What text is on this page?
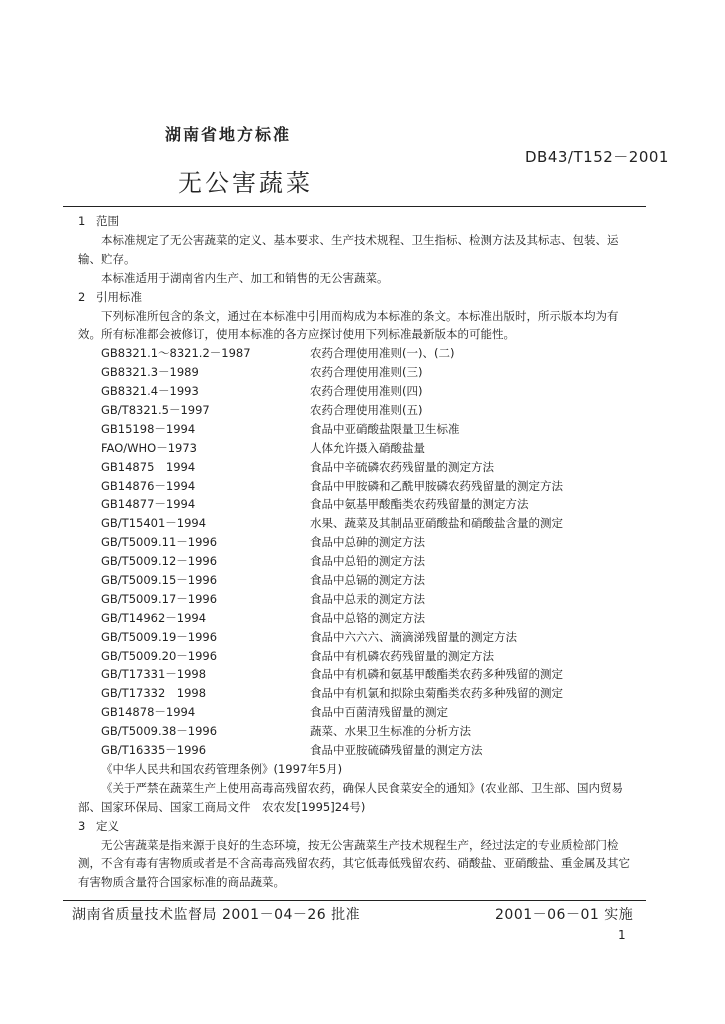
湖南省地方标准
DB43/T152－2001
无公害蔬菜

1 范围

本标准规定了无公害蔬菜的定义、基本要求、生产技术规程、卫生指标、检测方法及其标志、包装、运输、贮存。

本标准适用于湖南省内生产、加工和销售的无公害蔬菜。

2 引用标准

下列标准所包含的条文，通过在本标准中引用而构成为本标准的条文。本标准出版时，所示版本均为有效。所有标准都会被修订，使用本标准的各方应探讨使用下列标准最新版本的可能性。

GB8321.1～8321.2－1987	农药合理使用准则(一)、(二)
GB8321.3－1989	农药合理使用准则(三)
GB8321.4－1993	农药合理使用准则(四)
GB/T8321.5－1997	农药合理使用准则(五)
GB15198－1994	食品中亚硝酸盐限量卫生标准
FAO/WHO－1973	人体允许摄入硝酸盐量
GB14875　1994	食品中辛硫磷农药残留量的测定方法
GB14876－1994	食品中甲胺磷和乙酰甲胺磷农药残留量的测定方法
GB14877－1994	食品中氨基甲酸酯类农药残留量的测定方法
GB/T15401－1994	水果、蔬菜及其制品亚硝酸盐和硝酸盐含量的测定
GB/T5009.11－1996	食品中总砷的测定方法
GB/T5009.12－1996	食品中总铅的测定方法
GB/T5009.15－1996	食品中总镉的测定方法
GB/T5009.17－1996	食品中总汞的测定方法
GB/T14962－1994	食品中总铬的测定方法
GB/T5009.19－1996	食品中六六六、滴滴涕残留量的测定方法
GB/T5009.20－1996	食品中有机磷农药残留量的测定方法
GB/T17331－1998	食品中有机磷和氨基甲酸酯类农药多种残留的测定
GB/T17332　1998	食品中有机氯和拟除虫菊酯类农药多种残留的测定
GB14878－1994	食品中百菌清残留量的测定
GB/T5009.38－1996	蔬菜、水果卫生标准的分析方法
GB/T16335－1996	食品中亚胺硫磷残留量的测定方法

《中华人民共和国农药管理条例》(1997年5月)

《关于严禁在蔬菜生产上使用高毒高残留农药，确保人民食菜安全的通知》(农业部、卫生部、国内贸易部、国家环保局、国家工商局文件　农农发[1995]24号)

3 定义

无公害蔬菜是指来源于良好的生态环境，按无公害蔬菜生产技术规程生产，经过法定的专业质检部门检测，不含有毒有害物质或者是不含高毒高残留农药，其它低毒低残留农药、硝酸盐、亚硝酸盐、重金属及其它有害物质含量符合国家标准的商品蔬菜。

湖南省质量技术监督局 2001－04－26 批准	2001－06－01 实施
1
